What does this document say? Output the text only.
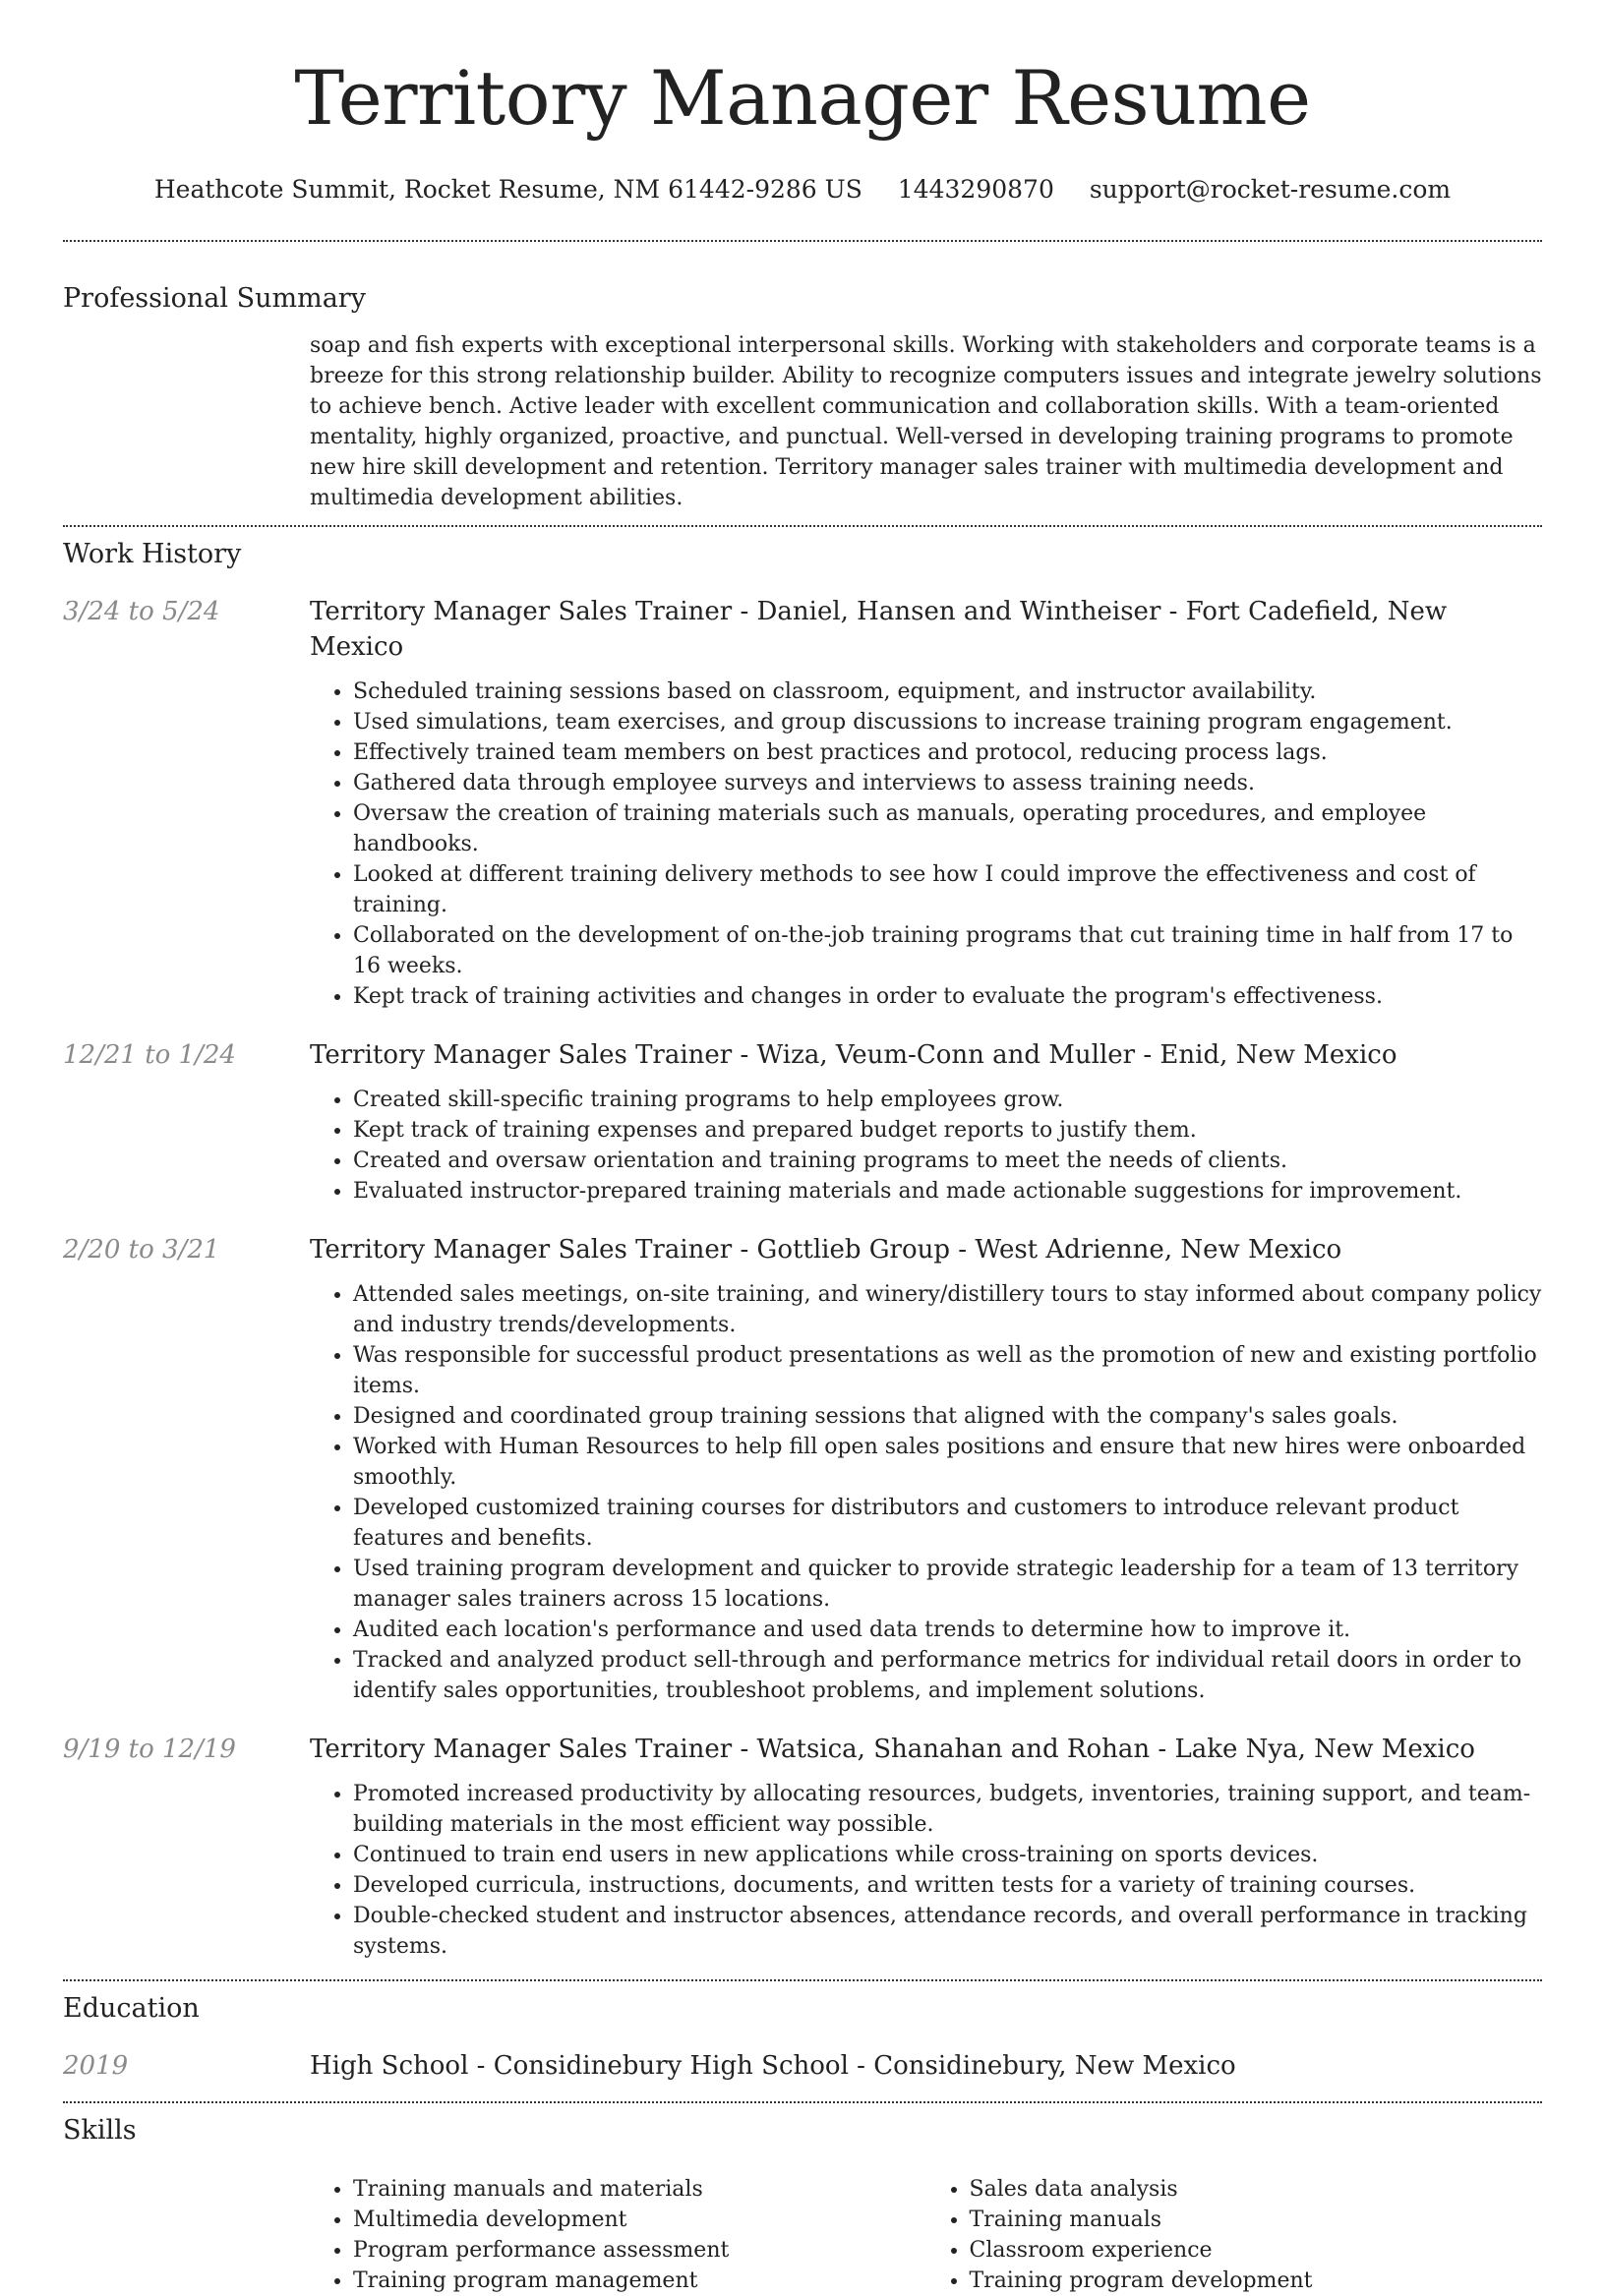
Territory Manager Resume
Heathcote Summit, Rocket Resume, NM 61442-9286 US 1443290870 support@rocket-resume.com
Professional Summary
soap and fish experts with exceptional interpersonal skills. Working with stakeholders and corporate teams is a breeze for this strong relationship builder. Ability to recognize computers issues and integrate jewelry solutions to achieve bench. Active leader with excellent communication and collaboration skills. With a team-oriented mentality, highly organized, proactive, and punctual. Well-versed in developing training programs to promote new hire skill development and retention. Territory manager sales trainer with multimedia development and multimedia development abilities.
Work History
3/24 to 5/24	Territory Manager Sales Trainer - Daniel, Hansen and Wintheiser - Fort Cadefield, New Mexico
• Scheduled training sessions based on classroom, equipment, and instructor availability.
• Used simulations, team exercises, and group discussions to increase training program engagement.
• Effectively trained team members on best practices and protocol, reducing process lags.
• Gathered data through employee surveys and interviews to assess training needs.
• Oversaw the creation of training materials such as manuals, operating procedures, and employee handbooks.
• Looked at different training delivery methods to see how I could improve the effectiveness and cost of training.
• Collaborated on the development of on-the-job training programs that cut training time in half from 17 to 16 weeks.
• Kept track of training activities and changes in order to evaluate the program's effectiveness.
12/21 to 1/24	Territory Manager Sales Trainer - Wiza, Veum-Conn and Muller - Enid, New Mexico
• Created skill-specific training programs to help employees grow.
• Kept track of training expenses and prepared budget reports to justify them.
• Created and oversaw orientation and training programs to meet the needs of clients.
• Evaluated instructor-prepared training materials and made actionable suggestions for improvement.
2/20 to 3/21	Territory Manager Sales Trainer - Gottlieb Group - West Adrienne, New Mexico
• Attended sales meetings, on-site training, and winery/distillery tours to stay informed about company policy and industry trends/developments.
• Was responsible for successful product presentations as well as the promotion of new and existing portfolio items.
• Designed and coordinated group training sessions that aligned with the company's sales goals.
• Worked with Human Resources to help fill open sales positions and ensure that new hires were onboarded smoothly.
• Developed customized training courses for distributors and customers to introduce relevant product features and benefits.
• Used training program development and quicker to provide strategic leadership for a team of 13 territory manager sales trainers across 15 locations.
• Audited each location's performance and used data trends to determine how to improve it.
• Tracked and analyzed product sell-through and performance metrics for individual retail doors in order to identify sales opportunities, troubleshoot problems, and implement solutions.
9/19 to 12/19	Territory Manager Sales Trainer - Watsica, Shanahan and Rohan - Lake Nya, New Mexico
• Promoted increased productivity by allocating resources, budgets, inventories, training support, and team-building materials in the most efficient way possible.
• Continued to train end users in new applications while cross-training on sports devices.
• Developed curricula, instructions, documents, and written tests for a variety of training courses.
• Double-checked student and instructor absences, attendance records, and overall performance in tracking systems.
Education
2019	High School - Considinebury High School - Considinebury, New Mexico
Skills
• Training manuals and materials
• Multimedia development
• Program performance assessment
• Training program management
• Sales data analysis
• Training manuals
• Classroom experience
• Training program development
